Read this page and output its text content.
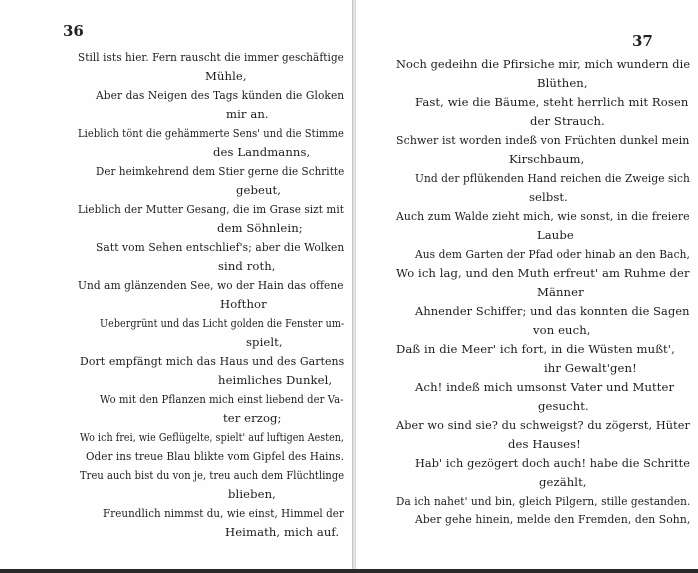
36
Still ists hier. Fern rauscht die immer geschäftige
Mühle,
Aber das Neigen des Tags künden die Gloken
mir an.
Lieblich tönt die gehämmerte Sens' und die Stimme
des Landmanns,
Der heimkehrend dem Stier gerne die Schritte
gebeut,
Lieblich der Mutter Gesang, die im Grase sizt mit
dem Söhnlein;
Satt vom Sehen entschlief's; aber die Wolken
sind roth,
Und am glänzenden See, wo der Hain das offene
Hofthor
Uebergrünt und das Licht golden die Fenster um-
spielt,
Dort empfängt mich das Haus und des Gartens
heimliches Dunkel,
Wo mit den Pflanzen mich einst liebend der Va-
ter erzog;
Wo ich frei, wie Geflügelte, spielt' auf luftigen Aesten,
Oder ins treue Blau blikte vom Gipfel des Hains.
Treu auch bist du von je, treu auch dem Flüchtlinge
blieben,
Freundlich nimmst du, wie einst, Himmel der
Heimath, mich auf.
37
Noch gedeihn die Pfirsiche mir, mich wundern die
Blüthen,
Fast, wie die Bäume, steht herrlich mit Rosen
der Strauch.
Schwer ist worden indeß von Früchten dunkel mein
Kirschbaum,
Und der pflükenden Hand reichen die Zweige sich
selbst.
Auch zum Walde zieht mich, wie sonst, in die freiere
Laube
Aus dem Garten der Pfad oder hinab an den Bach,
Wo ich lag, und den Muth erfreut' am Ruhme der
Männer
Ahnender Schiffer; und das konnten die Sagen
von euch,
Daß in die Meer' ich fort, in die Wüsten mußt',
ihr Gewalt'gen!
Ach! indeß mich umsonst Vater und Mutter
gesucht.
Aber wo sind sie? du schweigst? du zögerst, Hüter
des Hauses!
Hab' ich gezögert doch auch! habe die Schritte
gezählt,
Da ich nahet' und bin, gleich Pilgern, stille gestanden.
Aber gehe hinein, melde den Fremden, den Sohn,
